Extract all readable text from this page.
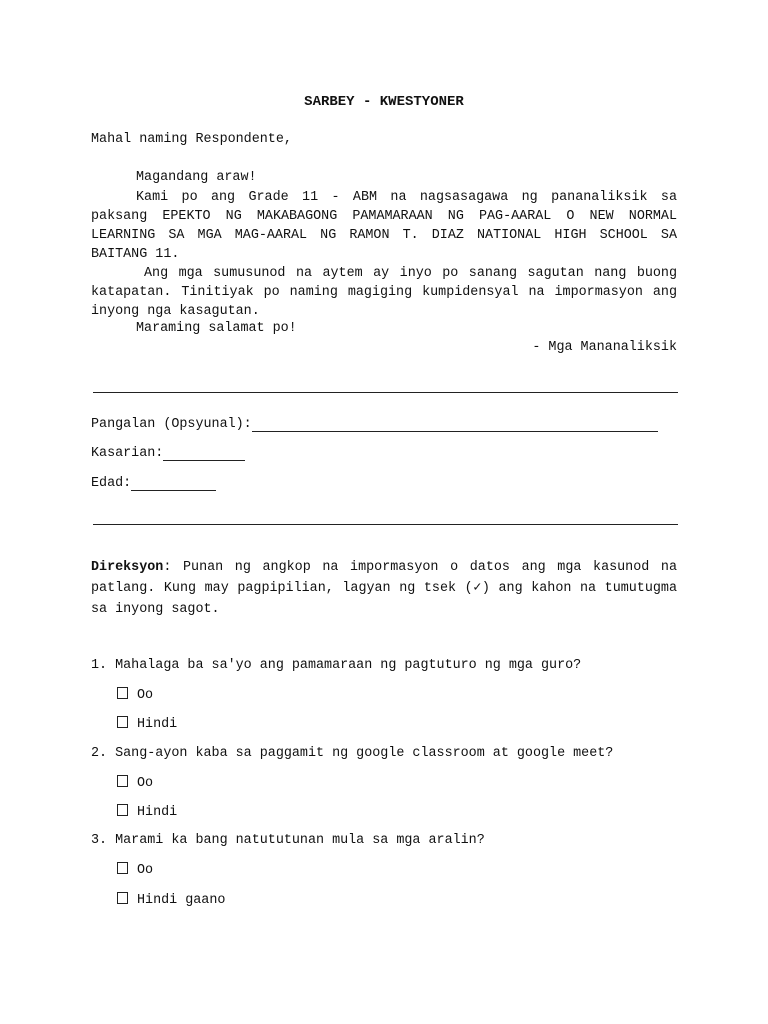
SARBEY - KWESTYONER
Mahal naming Respondente,
Magandang araw!
Kami po ang Grade 11 - ABM na nagsasagawa ng pananaliksik sa paksang EPEKTO NG MAKABAGONG PAMAMARAAN NG PAG-AARAL O NEW NORMAL LEARNING SA MGA MAG-AARAL NG RAMON T. DIAZ NATIONAL HIGH SCHOOL SA BAITANG 11.
Ang mga sumusunod na aytem ay inyo po sanang sagutan nang buong katapatan. Tinitiyak po naming magiging kumpidensyal na impormasyon ang inyong nga kasagutan.
Maraming salamat po!
- Mga Mananaliksik
Pangalan (Opsyunal):
Kasarian:
Edad:
Direksyon: Punan ng angkop na impormasyon o datos ang mga kasunod na patlang. Kung may pagpipilian, lagyan ng tsek (✓) ang kahon na tumutugma sa inyong sagot.
1. Mahalaga ba sa'yo ang pamamaraan ng pagtuturo ng mga guro?
Oo
Hindi
2. Sang-ayon kaba sa paggamit ng google classroom at google meet?
Oo
Hindi
3. Marami ka bang natututunan mula sa mga aralin?
Oo
Hindi gaano
